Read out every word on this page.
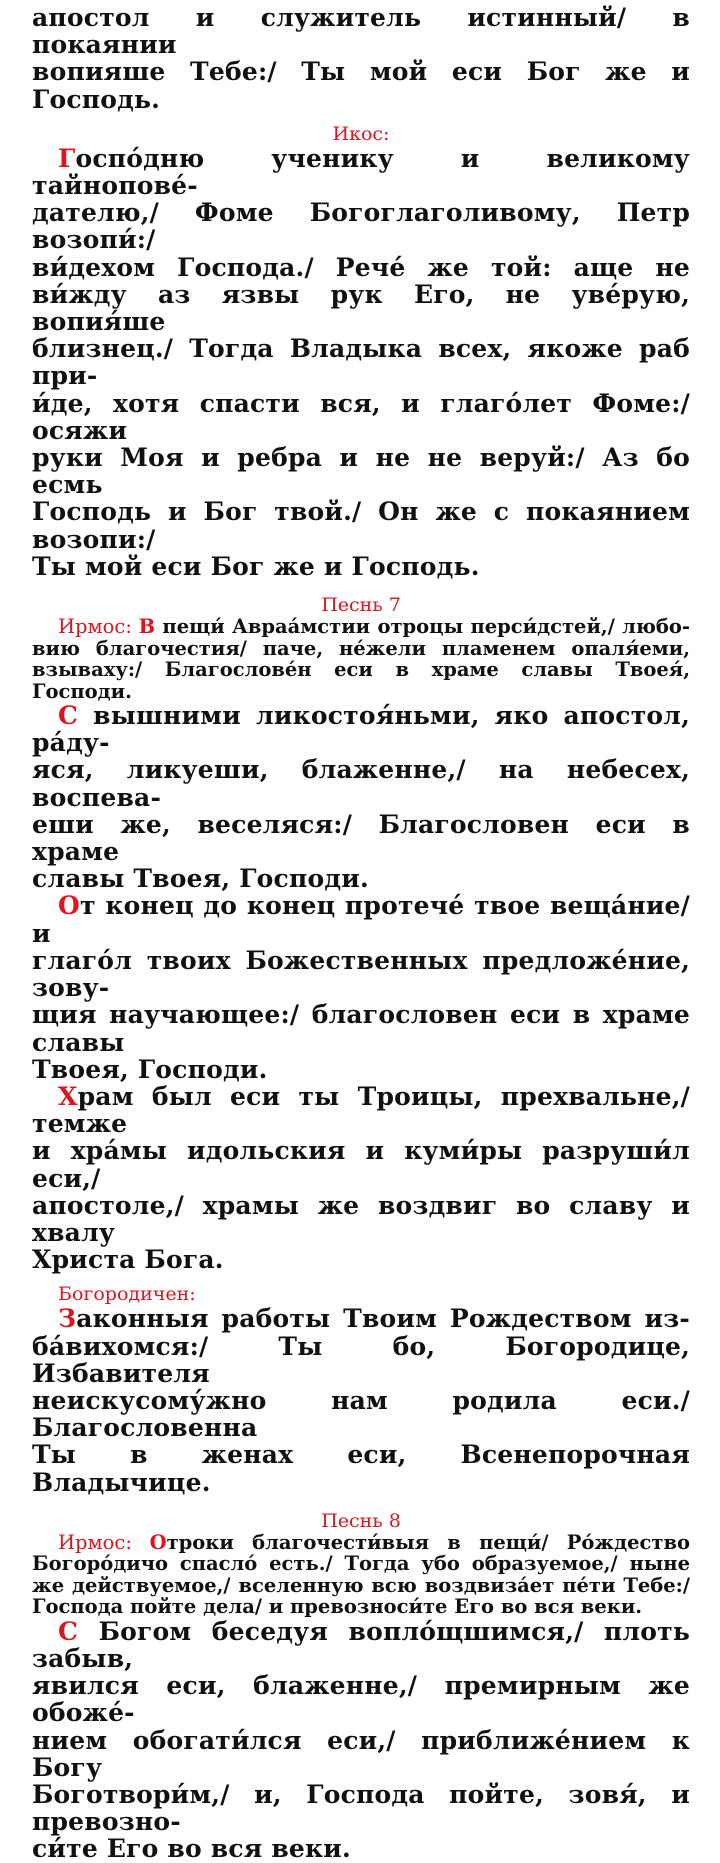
апостол и служитель истинный/ в покаянии

вопияше Тебе:/ Ты мой еси Бог же и Господь.

Икос:

Госпóдню ученику и великому тайнопове́-

дателю,/ Фоме Богоглаголивому, Петр возопи́:/

ви́дехом Господа./ Рече́ же той: аще не

ви́жду аз язвы рук Его, не уве́рую, вопия́ше

близнец./ Тогда Владыка всех, якоже раб при-

и́де, хотя спасти вся, и глагóлет Фоме:/ осяжи

руки Моя и ребра и не не веруй:/ Аз бо есмь

Господь и Бог твой./ Он же с покаянием возопи:/

Ты мой еси Бог же и Господь.

Песнь 7

Ирмос: В пещи́ Авраа́мстии отроцы перси́дстей,/ любо-

вию благочестия/ паче, не́жели пламенем опаля́еми,

взываху:/ Благослове́н еси в храме славы Твоея́, Господи.

С вышними ликостоя́ньми, яко апостол, ра́ду-

яся, ликуеши, блаженне,/ на небесех, воспева-

еши же, веселяся:/ Благословен еси в храме

славы Твоея, Господи.

От конец до конец протече́ твое веща́ние/ и

глагóл твоих Божественных предложе́ние, зову-

щия научающее:/ благословен еси в храме славы

Твоея, Господи.

Храм был еси ты Троицы, прехвальне,/ темже

и хра́мы идольския и куми́ры разруши́л еси,/

апостоле,/ храмы же воздвиг во славу и хвалу

Христа Бога.

Богородичен:

Законныя работы Твоим Рождеством из-

ба́вихомся:/ Ты бо, Богородице, Избавителя

неискусому́жно нам родила еси./ Благословенна

Ты в женах еси, Всенепорочная Владычице.

Песнь 8

Ирмос: Отроки благочести́выя в пещи́/ Ро́ждество

Богоро́дичо спасло́ есть./ Тогда убо образуемое,/ ныне

же действуемое,/ вселенную всю воздвиза́ет пе́ти Тебе:/

Господа пойте дела/ и превозноси́те Его во вся веки.

С Богом беседуя вопло́щшимся,/ плоть забыв,

явился еси, блаженне,/ премирным же обоже́-

нием обогати́лся еси,/ приближе́нием к Богу

Боготвори́м,/ и, Господа пойте, зовя́, и превозно-

си́те Его во вся веки.
